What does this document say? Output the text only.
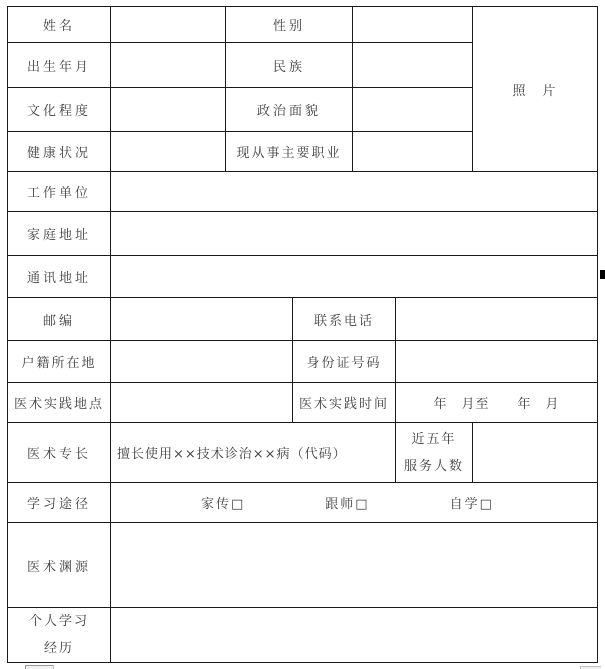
姓名		性别				照　片
出生年月		民族				
文化程度		政治面貌				
健康状况		现从事主要职业				
工作单位						
家庭地址						
通讯地址						
邮编			联系电话			
户籍所在地			身份证号码			
医术实践地点			医术实践时间		年　月至　　年　月	
医术专长	擅长使用××技术诊治××病（代码）				近五年
服务人数	

学习途径	家传□ 跟师□ 自学□					

医术渊源						

个人学习
经历						
